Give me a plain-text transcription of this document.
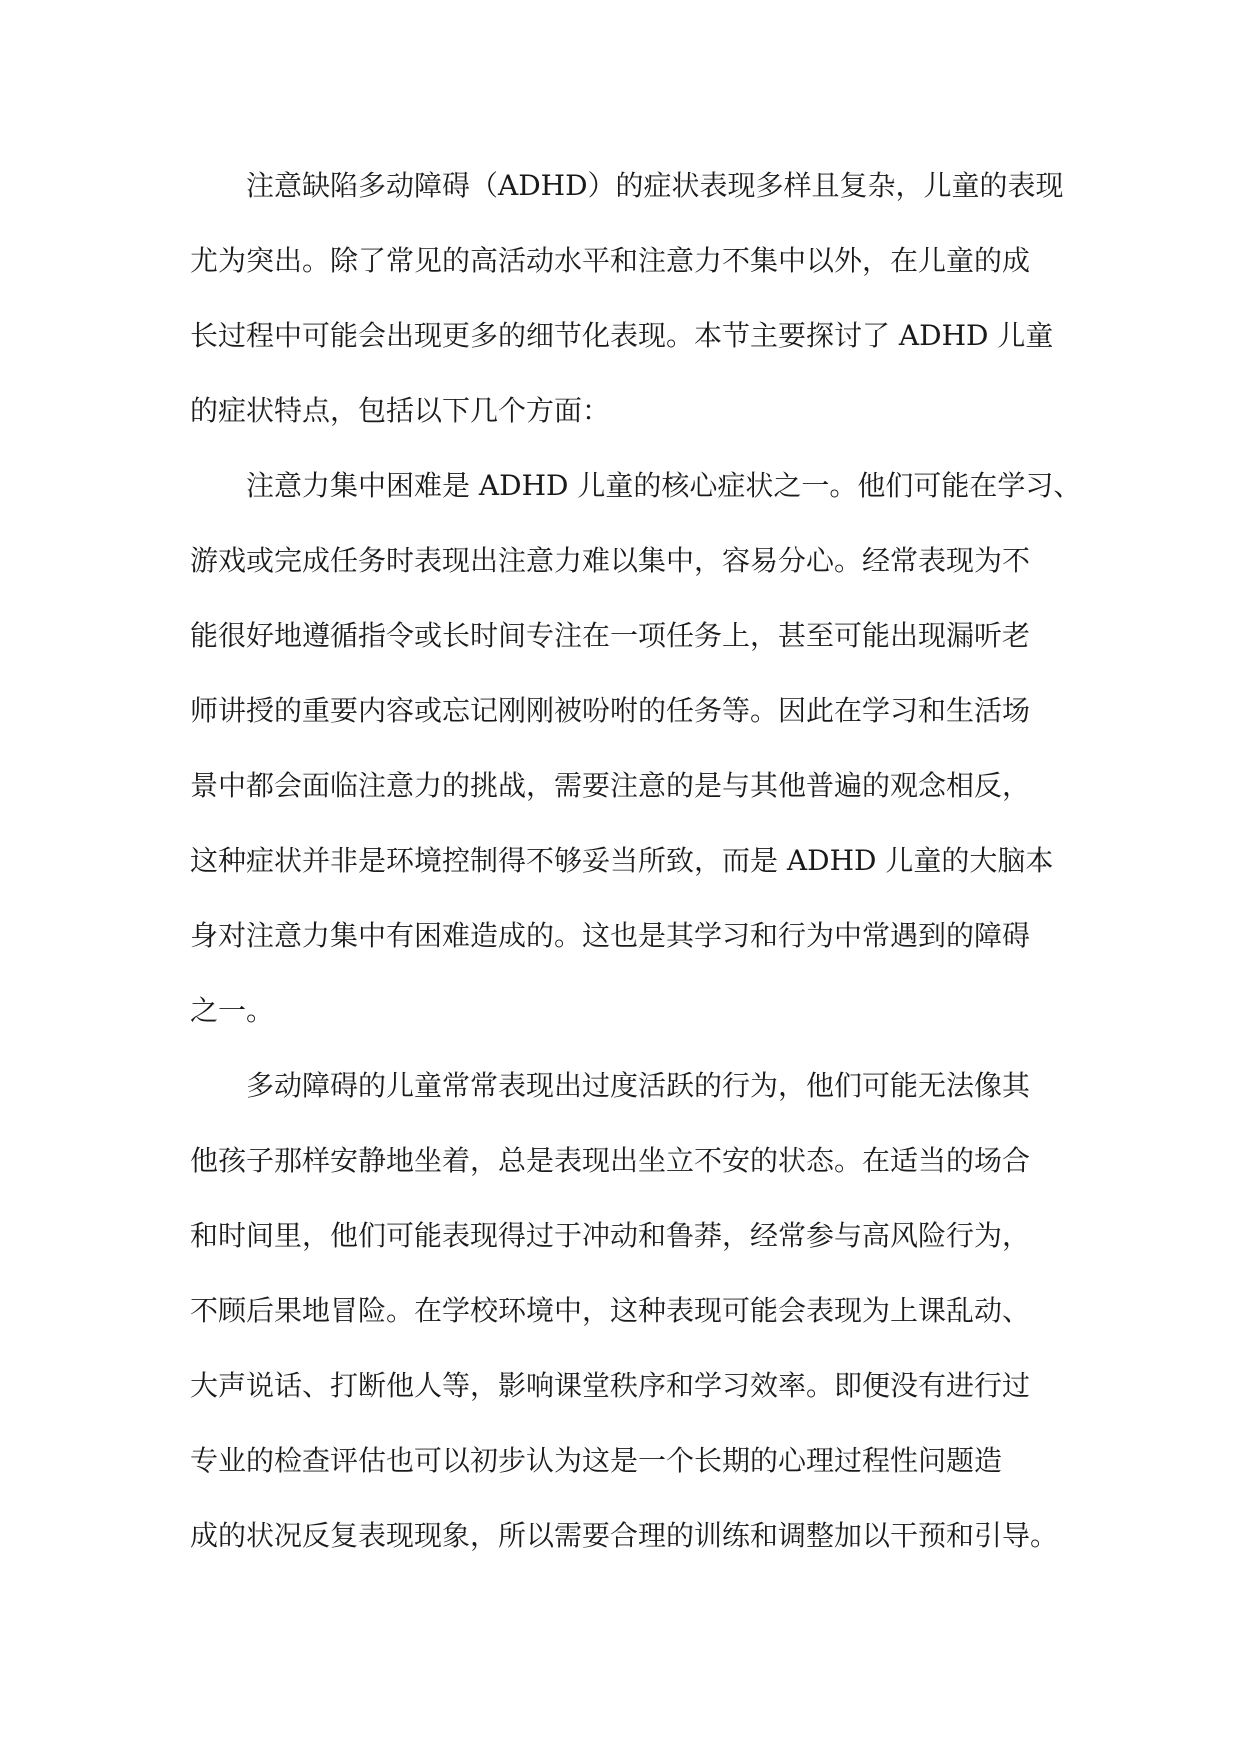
注意缺陷多动障碍（ADHD）的症状表现多样且复杂，儿童的表现
尤为突出。除了常见的高活动水平和注意力不集中以外，在儿童的成
长过程中可能会出现更多的细节化表现。本节主要探讨了 ADHD 儿童
的症状特点，包括以下几个方面：

注意力集中困难是 ADHD 儿童的核心症状之一。他们可能在学习、
游戏或完成任务时表现出注意力难以集中，容易分心。经常表现为不
能很好地遵循指令或长时间专注在一项任务上，甚至可能出现漏听老
师讲授的重要内容或忘记刚刚被吩咐的任务等。因此在学习和生活场
景中都会面临注意力的挑战，需要注意的是与其他普遍的观念相反，
这种症状并非是环境控制得不够妥当所致，而是 ADHD 儿童的大脑本
身对注意力集中有困难造成的。这也是其学习和行为中常遇到的障碍
之一。

多动障碍的儿童常常表现出过度活跃的行为，他们可能无法像其
他孩子那样安静地坐着，总是表现出坐立不安的状态。在适当的场合
和时间里，他们可能表现得过于冲动和鲁莽，经常参与高风险行为，
不顾后果地冒险。在学校环境中，这种表现可能会表现为上课乱动、
大声说话、打断他人等，影响课堂秩序和学习效率。即便没有进行过
专业的检查评估也可以初步认为这是一个长期的心理过程性问题造
成的状况反复表现现象，所以需要合理的训练和调整加以干预和引导。
